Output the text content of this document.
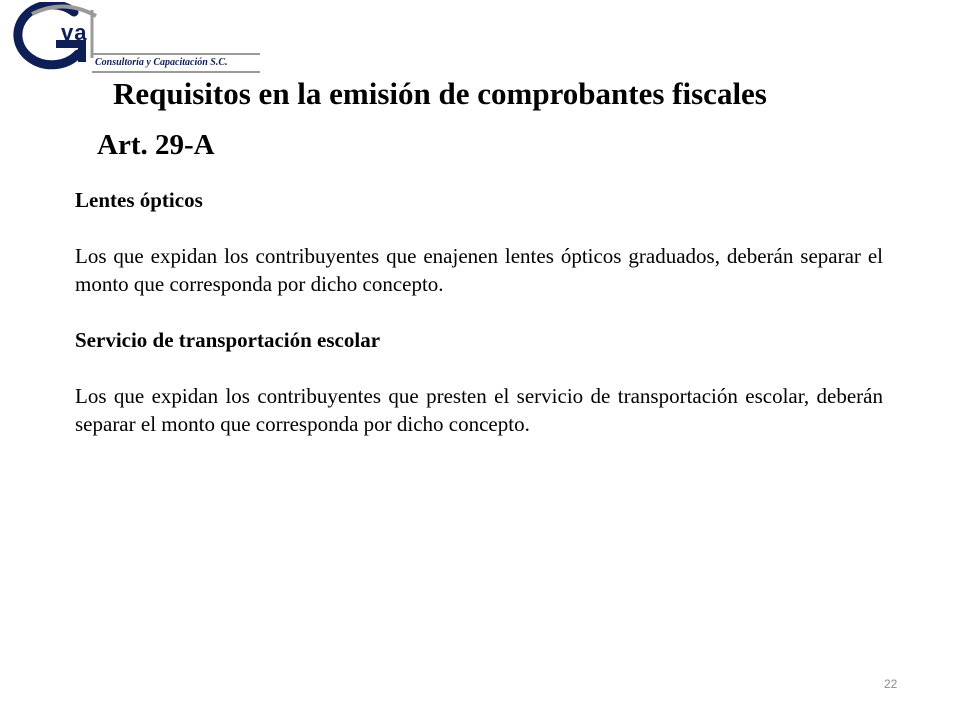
va
Consultoría y Capacitación S.C.
Requisitos en la emisión de comprobantes fiscales
Art. 29-A

Lentes ópticos

Los que expidan los contribuyentes que enajenen lentes ópticos graduados, deberán separar el monto que corresponda por dicho concepto.

Servicio de transportación escolar

Los que expidan los contribuyentes que presten el servicio de transportación escolar, deberán separar el monto que corresponda por dicho concepto.

22
